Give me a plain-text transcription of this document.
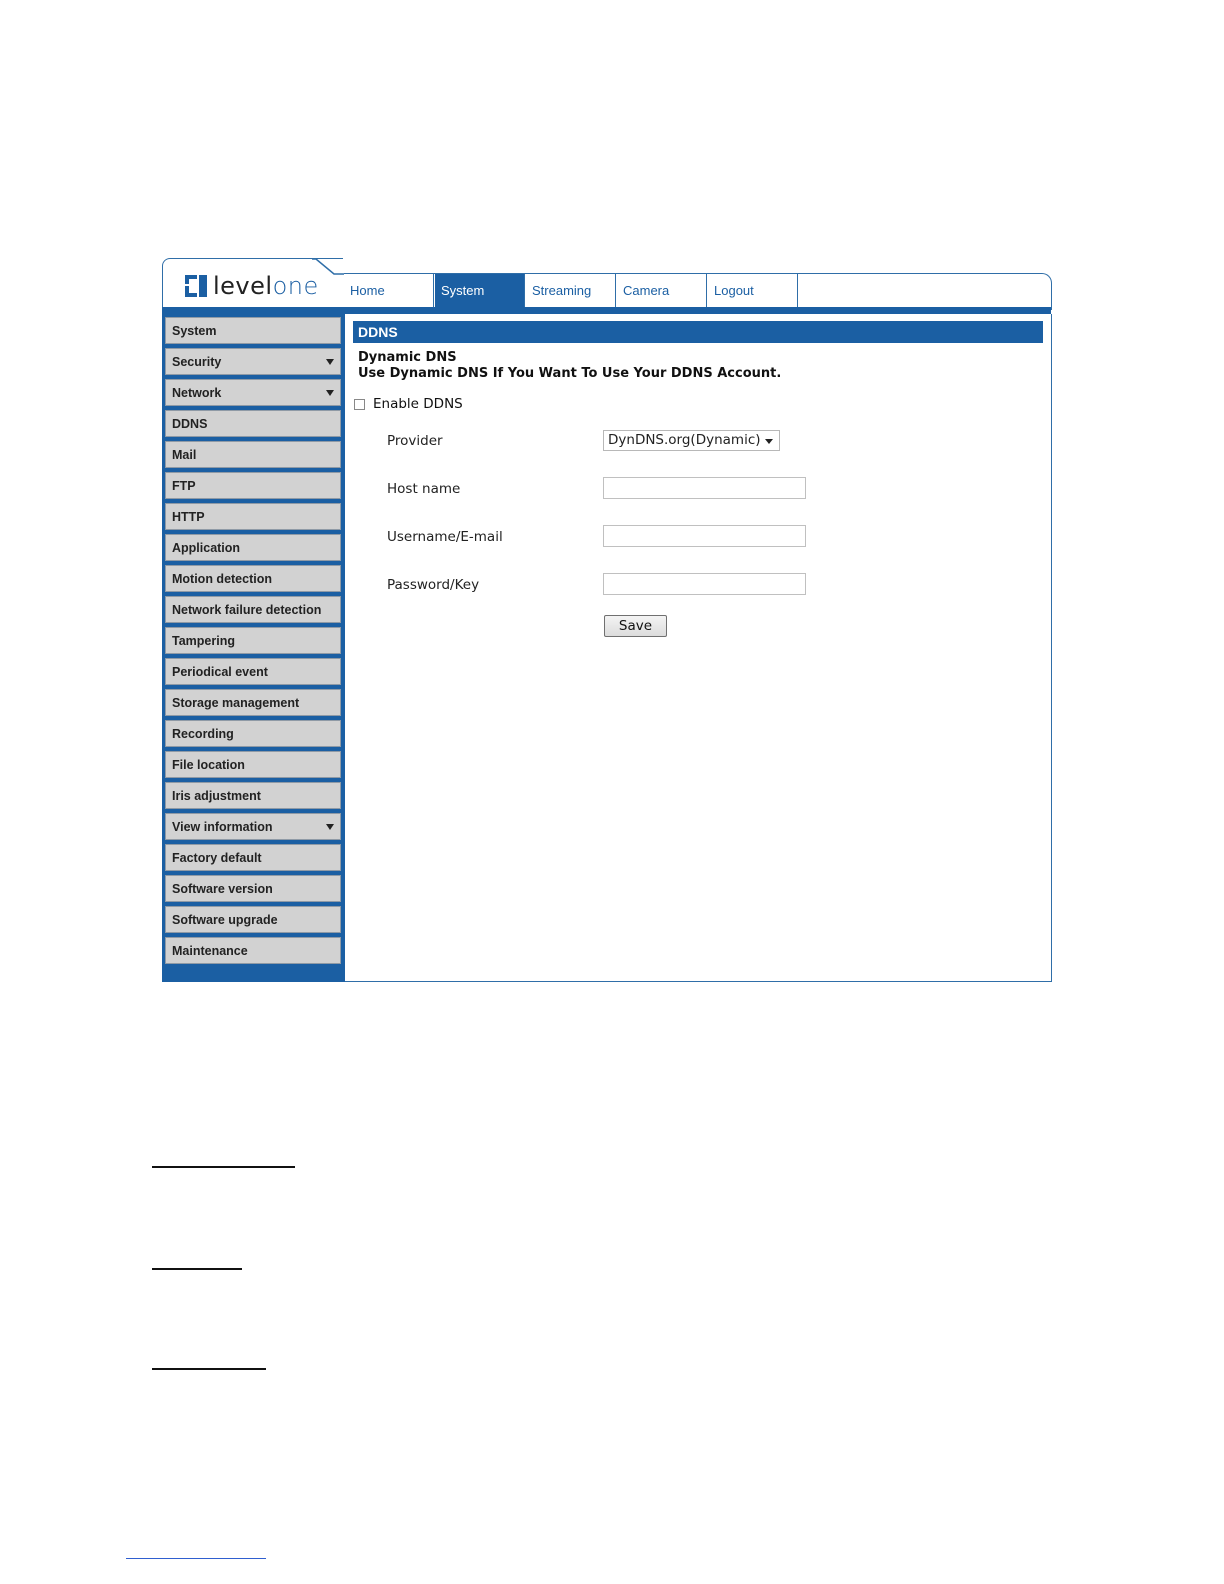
levelone	Home	System	Streaming	Camera	Logout
System
Security
Network
DDNS
Mail
FTP
HTTP
Application
Motion detection
Network failure detection
Tampering
Periodical event
Storage management
Recording
File location
Iris adjustment
View information
Factory default
Software version
Software upgrade
Maintenance
DDNS
Dynamic DNS
Use Dynamic DNS If You Want To Use Your DDNS Account.
Enable DDNS
Provider	DynDNS.org(Dynamic)
Host name
Username/E-mail
Password/Key
Save
